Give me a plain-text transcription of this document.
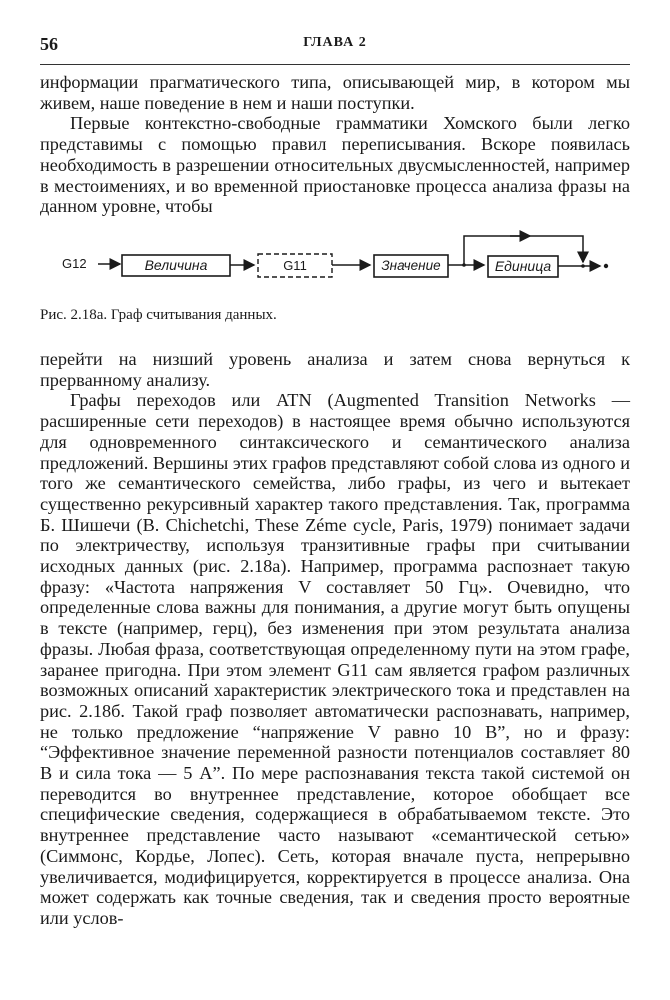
56	ГЛАВА 2

информации прагматического типа, описывающей мир, в котором мы живем, наше поведение в нем и наши поступки.

Первые контекстно-свободные грамматики Хомского были легко представимы с помощью правил переписывания. Вскоре появилась необходимость в разрешении относительных двусмысленностей, например в местоимениях, и во временной приостановке процесса анализа фразы на данном уровне, чтобы

G12	Величина	G11	Значение	Единица
Рис. 2.18а. Граф считывания данных.

перейти на низший уровень анализа и затем снова вернуться к прерванному анализу.

Графы переходов или ATN (Augmented Transition Networks — расширенные сети переходов) в настоящее время обычно используются для одновременного синтаксического и семантического анализа предложений. Вершины этих графов представляют собой слова из одного и того же семантического семейства, либо графы, из чего и вытекает существенно рекурсивный характер такого представления. Так, программа Б. Шишечи (B. Chichetchi, These Zéme cycle, Paris, 1979) понимает задачи по электричеству, используя транзитивные графы при считывании исходных данных (рис. 2.18а). Например, программа распознает такую фразу: «Частота напряжения V составляет 50 Гц». Очевидно, что определенные слова важны для понимания, а другие могут быть опущены в тексте (например, герц), без изменения при этом результата анализа фразы. Любая фраза, соответствующая определенному пути на этом графе, заранее пригодна. При этом элемент G11 сам является графом различных возможных описаний характеристик электрического тока и представлен на рис. 2.18б. Такой граф позволяет автоматически распознавать, например, не только предложение “напряжение V равно 10 B”, но и фразу: “Эффективное значение переменной разности потенциалов составляет 80 B и сила тока — 5 A”. По мере распознавания текста такой системой он переводится во внутреннее представление, которое обобщает все специфические сведения, содержащиеся в обрабатываемом тексте. Это внутреннее представление часто называют «семантической сетью» (Симмонс, Кордье, Лопес). Сеть, которая вначале пуста, непрерывно увеличивается, модифицируется, корректируется в процессе анализа. Она может содержать как точные сведения, так и сведения просто вероятные или услов-
